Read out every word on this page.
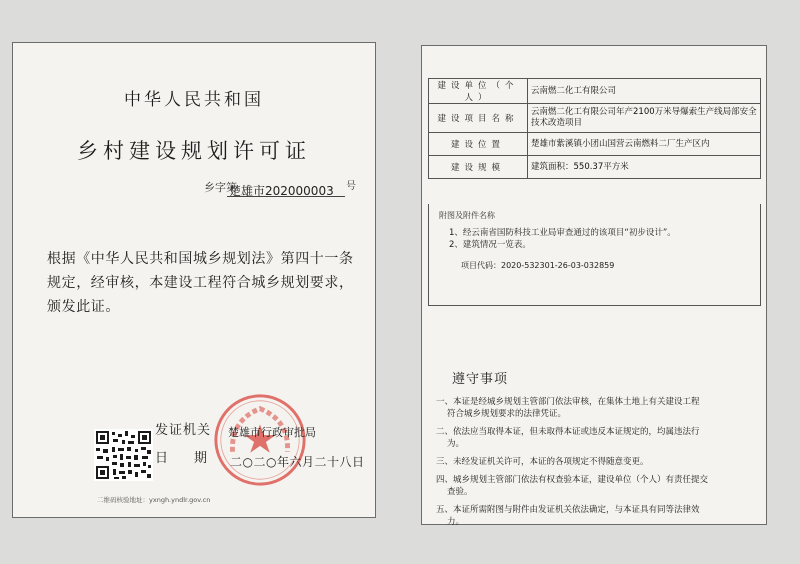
中华人民共和国
乡村建设规划许可证
乡字第
楚雄市202000003 号
根据《中华人民共和国城乡规划法》第四十一条规定，经审核，本建设工程符合城乡规划要求，颁发此证。
发证机关 楚雄市行政审批局
日期
二○二○年六月二十八日
二维码核验地址：yxngh.yndlr.gov.cn
建设单位（个人）	云南燃二化工有限公司
建设项目名称	云南燃二化工有限公司年产2100万米导爆索生产线局部安全技术改造项目
建设位置	楚雄市紫溪镇小团山国营云南燃料二厂生产区内
建设规模	建筑面积：550.37平方米
附图及附件名称
1、经云南省国防科技工业局审查通过的该项目“初步设计”。
2、建筑情况一览表。
项目代码：2020-532301-26-03-032859
遵守事项
一、本证是经城乡规划主管部门依法审核，在集体土地上有关建设工程
符合城乡规划要求的法律凭证。
二、依法应当取得本证，但未取得本证或违反本证规定的，均属违法行
为。
三、未经发证机关许可，本证的各项规定不得随意变更。
四、城乡规划主管部门依法有权查验本证，建设单位（个人）有责任提交
查验。
五、本证所需附图与附件由发证机关依法确定，与本证具有同等法律效
力。
